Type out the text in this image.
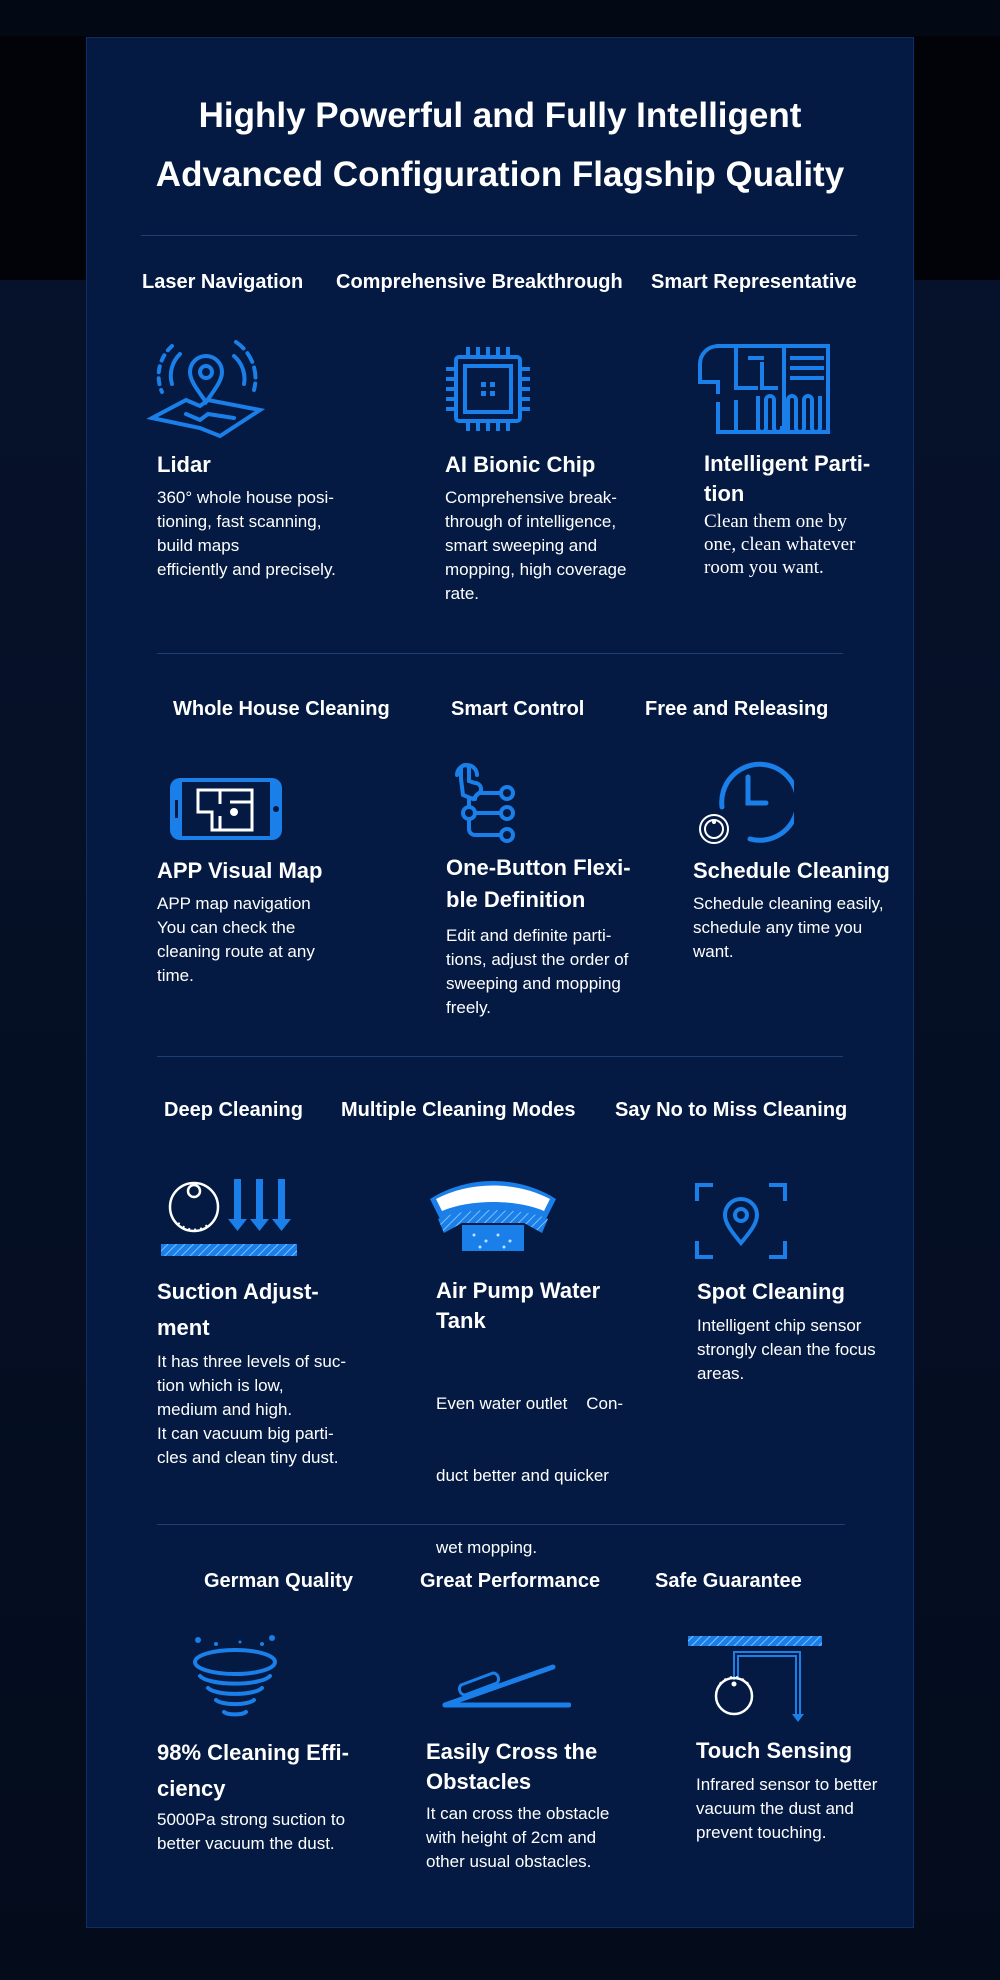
Highly Powerful and Fully Intelligent
Advanced Configuration Flagship Quality
Laser Navigation Comprehensive Breakthrough Smart Representative
Lidar
360° whole house posi-
tioning, fast scanning,
build maps
efficiently and precisely.
AI Bionic Chip
Comprehensive break-
through of intelligence,
smart sweeping and
mopping, high coverage
rate.
Intelligent Parti-
tion
Clean them one by
one, clean whatever
room you want.
Whole House Cleaning	Smart Control	Free and Releasing
APP Visual Map
APP map navigation
You can check the
cleaning route at any
time.
One-Button Flexi-
ble Definition
Edit and definite parti-
tions, adjust the order of
sweeping and mopping
freely.
Schedule Cleaning
Schedule cleaning easily,
schedule any time you
want.
Deep Cleaning Multiple Cleaning Modes Say No to Miss Cleaning
Suction Adjust-
ment
It has three levels of suc-
tion which is low,
medium and high.
It can vacuum big parti-
cles and clean tiny dust.
Air Pump Water
Tank

Even water outlet    Con-

duct better and quicker

wet mopping.

Spot Cleaning
Intelligent chip sensor
strongly clean the focus
areas.
German Quality	Great Performance	Safe Guarantee
98% Cleaning Effi-
ciency
5000Pa strong suction to
better vacuum the dust.
Easily Cross the
Obstacles
It can cross the obstacle
with height of 2cm and
other usual obstacles.
Touch Sensing
Infrared sensor to better
vacuum the dust and
prevent touching.
